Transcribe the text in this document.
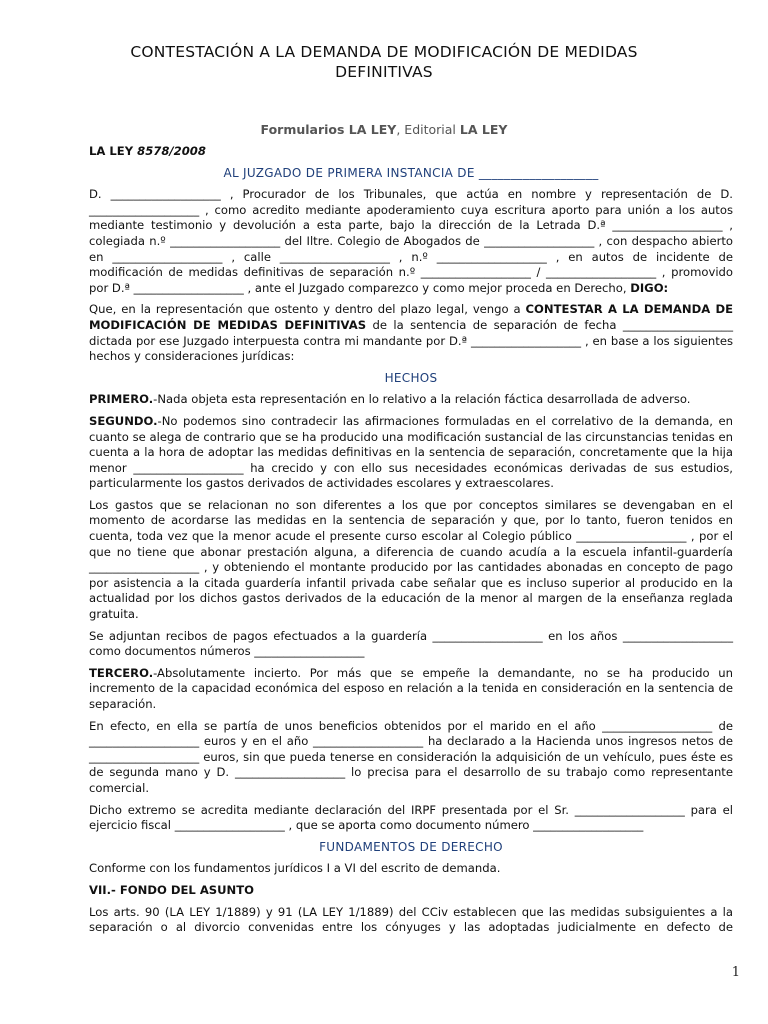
CONTESTACIÓN A LA DEMANDA DE MODIFICACIÓN DE MEDIDAS DEFINITIVAS
Formularios LA LEY, Editorial LA LEY

LA LEY 8578/2008

AL JUZGADO DE PRIMERA INSTANCIA DE ___________________

D. ___________________ , Procurador de los Tribunales, que actúa en nombre y representación de D. ___________________ , como acredito mediante apoderamiento cuya escritura aporto para unión a los autos mediante testimonio y devolución a esta parte, bajo la dirección de la Letrada D.ª ___________________ , colegiada n.º ___________________ del Iltre. Colegio de Abogados de ___________________ , con despacho abierto en ___________________ , calle ___________________ , n.º ___________________ , en autos de incidente de modificación de medidas definitivas de separación n.º ___________________ / ___________________ , promovido por D.ª ___________________ , ante el Juzgado comparezco y como mejor proceda en Derecho, DIGO:

Que, en la representación que ostento y dentro del plazo legal, vengo a CONTESTAR A LA DEMANDA DE MODIFICACIÓN DE MEDIDAS DEFINITIVAS de la sentencia de separación de fecha ___________________ dictada por ese Juzgado interpuesta contra mi mandante por D.ª ___________________ , en base a los siguientes hechos y consideraciones jurídicas:

HECHOS

PRIMERO.-Nada objeta esta representación en lo relativo a la relación fáctica desarrollada de adverso.

SEGUNDO.-No podemos sino contradecir las afirmaciones formuladas en el correlativo de la demanda, en cuanto se alega de contrario que se ha producido una modificación sustancial de las circunstancias tenidas en cuenta a la hora de adoptar las medidas definitivas en la sentencia de separación, concretamente que la hija menor ___________________ ha crecido y con ello sus necesidades económicas derivadas de sus estudios, particularmente los gastos derivados de actividades escolares y extraescolares.

Los gastos que se relacionan no son diferentes a los que por conceptos similares se devengaban en el momento de acordarse las medidas en la sentencia de separación y que, por lo tanto, fueron tenidos en cuenta, toda vez que la menor acude el presente curso escolar al Colegio público ___________________ , por el que no tiene que abonar prestación alguna, a diferencia de cuando acudía a la escuela infantil-guardería ___________________ , y obteniendo el montante producido por las cantidades abonadas en concepto de pago por asistencia a la citada guardería infantil privada cabe señalar que es incluso superior al producido en la actualidad por los dichos gastos derivados de la educación de la menor al margen de la enseñanza reglada gratuita.

Se adjuntan recibos de pagos efectuados a la guardería ___________________ en los años ___________________ como documentos números ___________________

TERCERO.-Absolutamente incierto. Por más que se empeñe la demandante, no se ha producido un incremento de la capacidad económica del esposo en relación a la tenida en consideración en la sentencia de separación.

En efecto, en ella se partía de unos beneficios obtenidos por el marido en el año ___________________ de ___________________ euros y en el año ___________________ ha declarado a la Hacienda unos ingresos netos de ___________________ euros, sin que pueda tenerse en consideración la adquisición de un vehículo, pues éste es de segunda mano y D. ___________________ lo precisa para el desarrollo de su trabajo como representante comercial.

Dicho extremo se acredita mediante declaración del IRPF presentada por el Sr. ___________________ para el ejercicio fiscal ___________________ , que se aporta como documento número ___________________

FUNDAMENTOS DE DERECHO

Conforme con los fundamentos jurídicos I a VI del escrito de demanda.

VII.- FONDO DEL ASUNTO

Los arts. 90 (LA LEY 1/1889) y 91 (LA LEY 1/1889) del CCiv establecen que las medidas subsiguientes a la separación o al divorcio convenidas entre los cónyuges y las adoptadas judicialmente en defecto de

1
